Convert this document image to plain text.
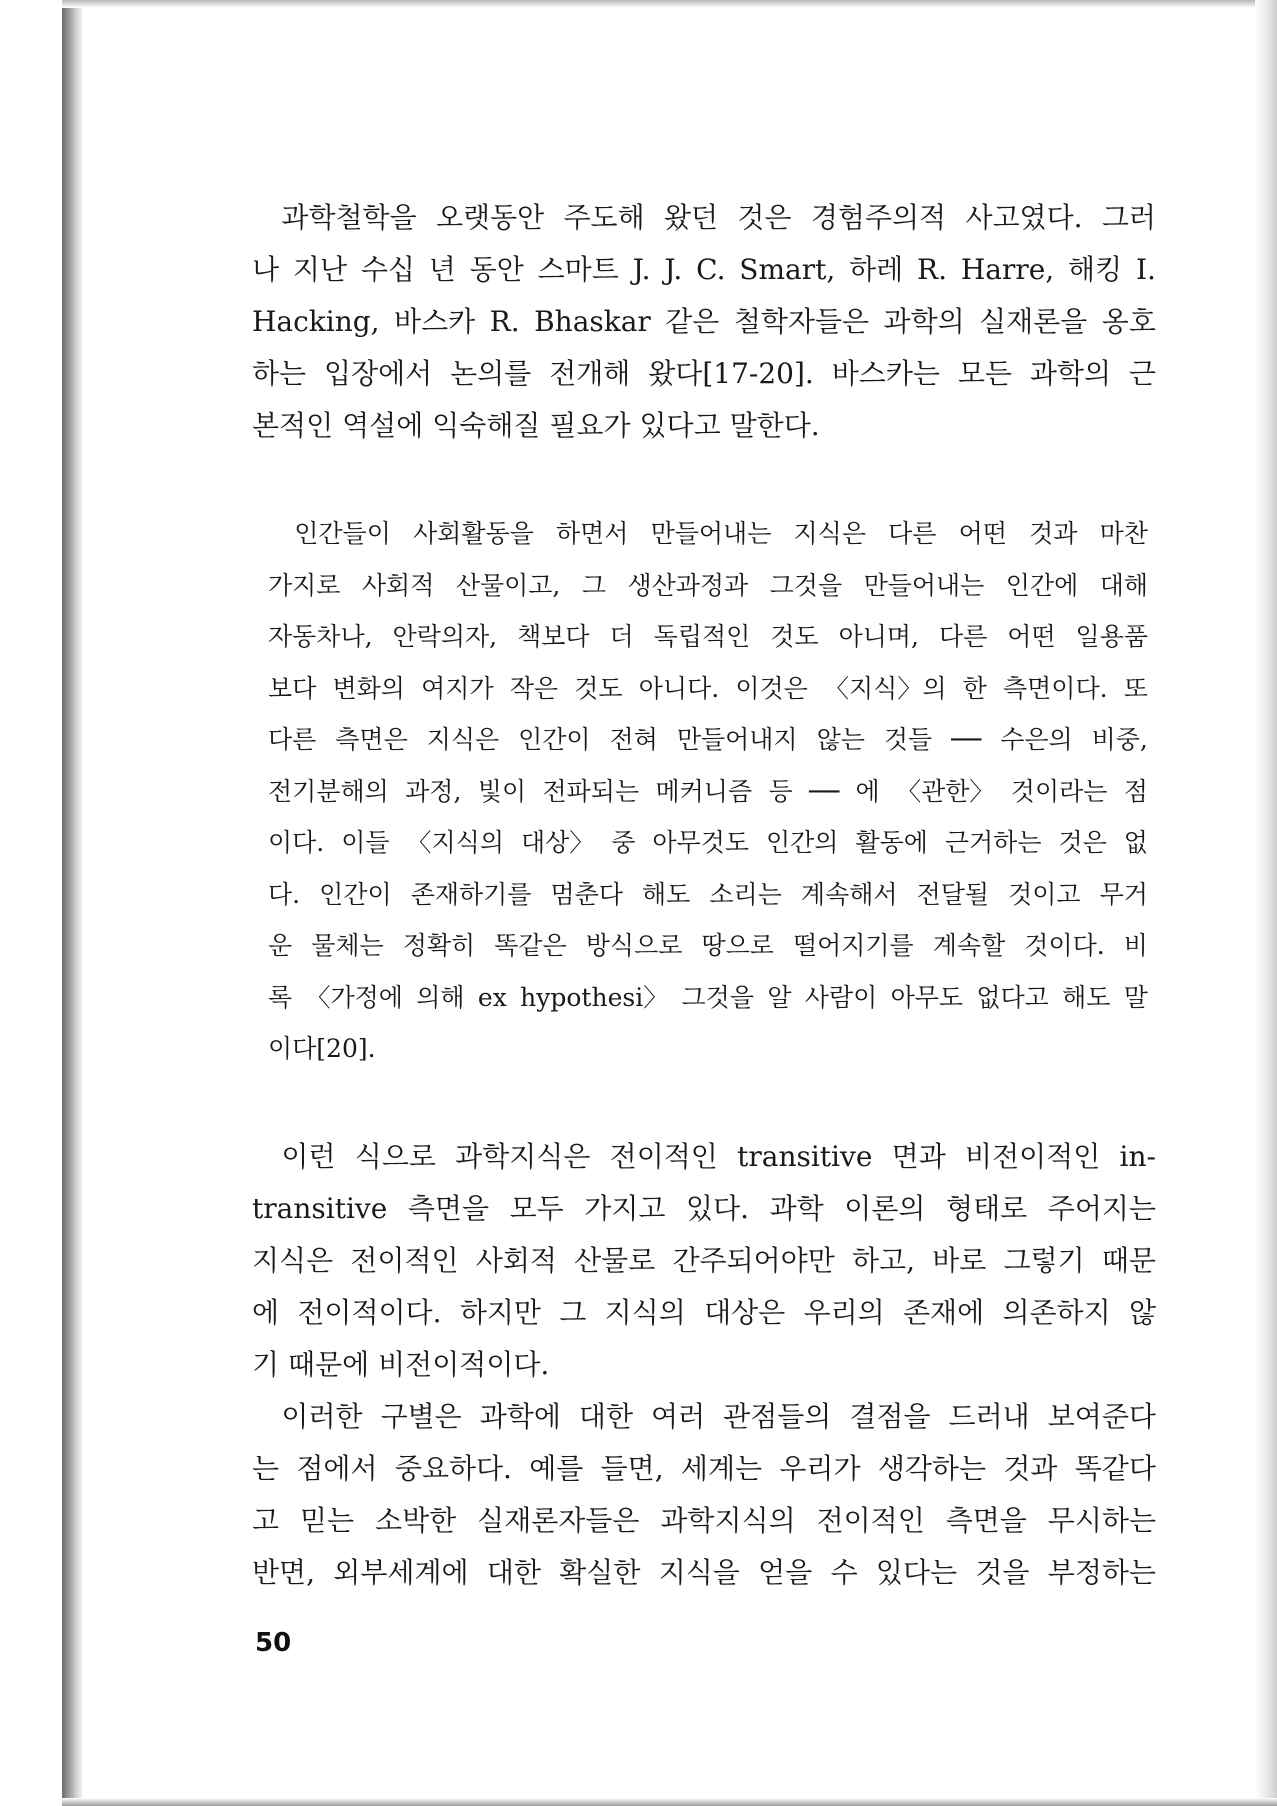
과학철학을 오랫동안 주도해 왔던 것은 경험주의적 사고였다. 그러
나 지난 수십 년 동안 스마트 J. J. C. Smart, 하레 R. Harre, 해킹 I.
Hacking, 바스카 R. Bhaskar 같은 철학자들은 과학의 실재론을 옹호
하는 입장에서 논의를 전개해 왔다[17-20]. 바스카는 모든 과학의 근
본적인 역설에 익숙해질 필요가 있다고 말한다.
인간들이 사회활동을 하면서 만들어내는 지식은 다른 어떤 것과 마찬
가지로 사회적 산물이고, 그 생산과정과 그것을 만들어내는 인간에 대해
자동차나, 안락의자, 책보다 더 독립적인 것도 아니며, 다른 어떤 일용품
보다 변화의 여지가 작은 것도 아니다. 이것은 〈지식〉의 한 측면이다. 또
다른 측면은 지식은 인간이 전혀 만들어내지 않는 것들 ── 수은의 비중,
전기분해의 과정, 빛이 전파되는 메커니즘 등 ── 에 〈관한〉 것이라는 점
이다. 이들 〈지식의 대상〉 중 아무것도 인간의 활동에 근거하는 것은 없
다. 인간이 존재하기를 멈춘다 해도 소리는 계속해서 전달될 것이고 무거
운 물체는 정확히 똑같은 방식으로 땅으로 떨어지기를 계속할 것이다. 비
록 〈가정에 의해 ex hypothesi〉 그것을 알 사람이 아무도 없다고 해도 말
이다[20].
이런 식으로 과학지식은 전이적인 transitive 면과 비전이적인 in-
transitive 측면을 모두 가지고 있다. 과학 이론의 형태로 주어지는
지식은 전이적인 사회적 산물로 간주되어야만 하고, 바로 그렇기 때문
에 전이적이다. 하지만 그 지식의 대상은 우리의 존재에 의존하지 않
기 때문에 비전이적이다.
이러한 구별은 과학에 대한 여러 관점들의 결점을 드러내 보여준다
는 점에서 중요하다. 예를 들면, 세계는 우리가 생각하는 것과 똑같다
고 믿는 소박한 실재론자들은 과학지식의 전이적인 측면을 무시하는
반면, 외부세계에 대한 확실한 지식을 얻을 수 있다는 것을 부정하는
50
